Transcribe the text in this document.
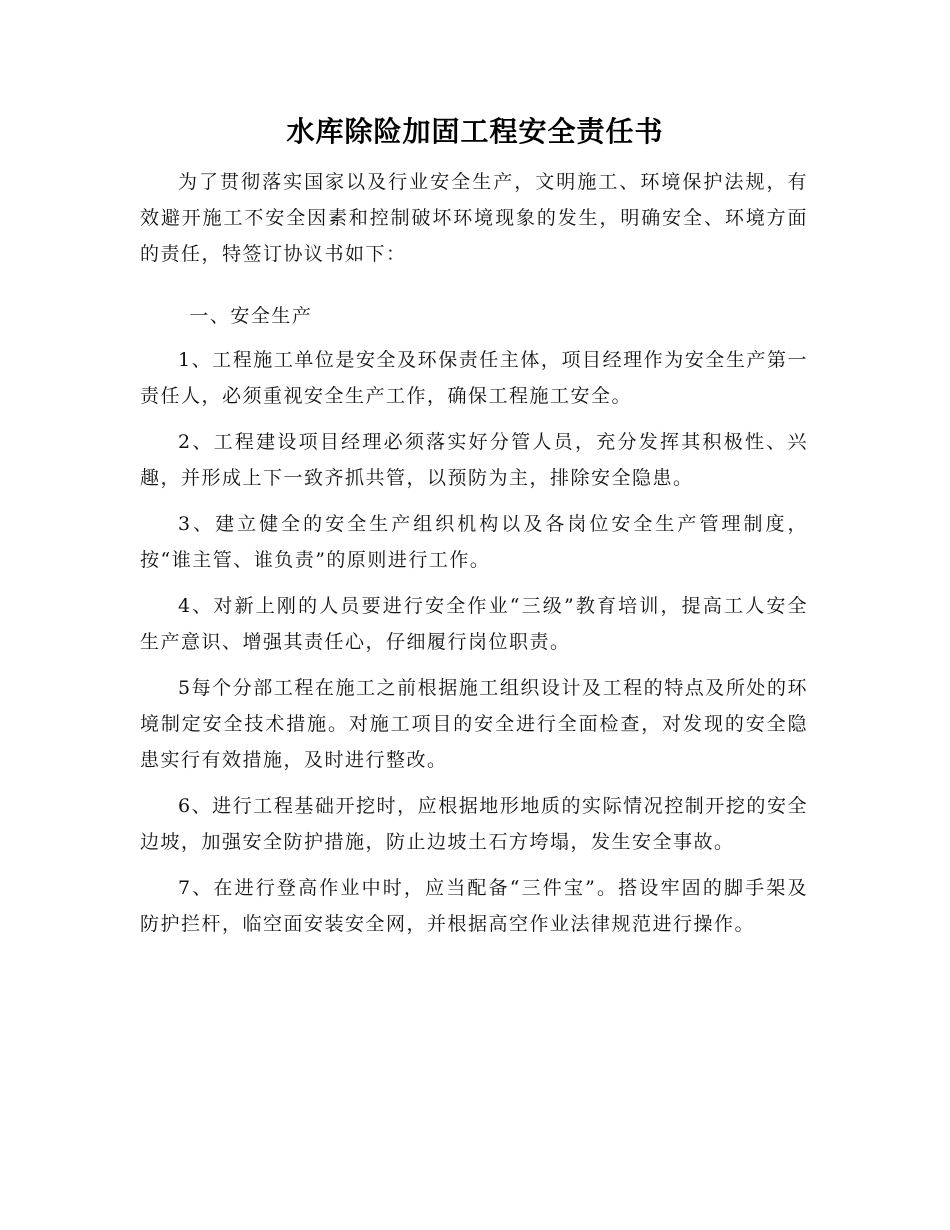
水库除险加固工程安全责任书

为了贯彻落实国家以及行业安全生产，文明施工、环境保护法规，有效避开施工不安全因素和控制破坏环境现象的发生，明确安全、环境方面的责任，特签订协议书如下：

一、安全生产

1、工程施工单位是安全及环保责任主体，项目经理作为安全生产第一责任人，必须重视安全生产工作，确保工程施工安全。

2、工程建设项目经理必须落实好分管人员，充分发挥其积极性、兴趣，并形成上下一致齐抓共管，以预防为主，排除安全隐患。

3、建立健全的安全生产组织机构以及各岗位安全生产管理制度，按“谁主管、谁负责”的原则进行工作。

4、对新上刚的人员要进行安全作业“三级”教育培训，提高工人安全生产意识、增强其责任心，仔细履行岗位职责。

5每个分部工程在施工之前根据施工组织设计及工程的特点及所处的环境制定安全技术措施。对施工项目的安全进行全面检查，对发现的安全隐患实行有效措施，及时进行整改。

6、进行工程基础开挖时，应根据地形地质的实际情况控制开挖的安全边坡，加强安全防护措施，防止边坡土石方垮塌，发生安全事故。

7、在进行登高作业中时，应当配备“三件宝”。搭设牢固的脚手架及防护拦杆，临空面安装安全网，并根据高空作业法律规范进行操作。
